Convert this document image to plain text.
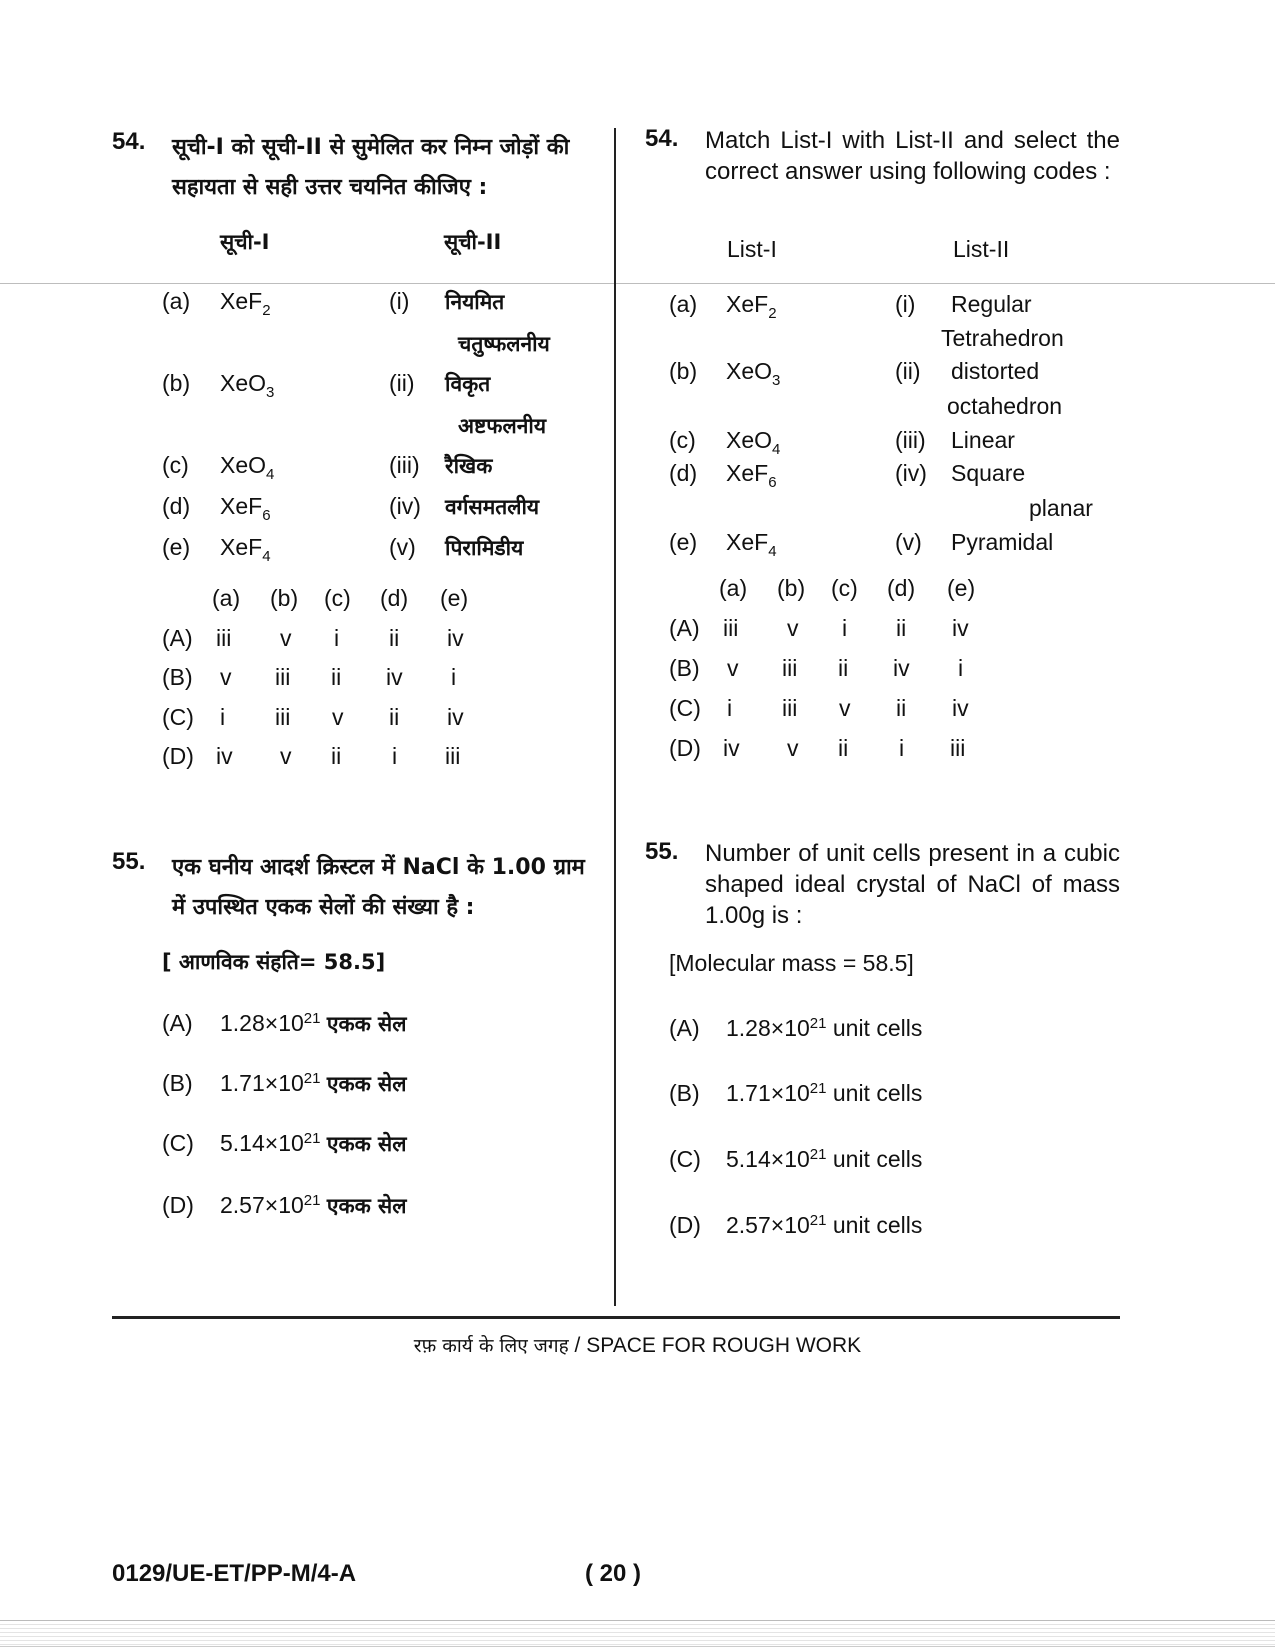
54. सूची-I को सूची-II से सुमेलित कर निम्न जोड़ों की सहायता से सही उत्तर चयनित कीजिए :
सूची-I	सूची-II
(a) XeF$_2$	(i) नियमित
चतुष्फलनीय
(b) XeO$_3$	(ii) विकृत
अष्टफलनीय
(c) XeO$_4$	(iii) रैखिक
(d) XeF$_6$	(iv) वर्गसमतलीय
(e) XeF$_4$	(v) पिरामिडीय
(a) (b) (c) (d) (e)
(A) iii v i ii iv
(B) v iii ii iv i
(C) i iii v ii iv
(D) iv v ii i iii
55. एक घनीय आदर्श क्रिस्टल में NaCl के 1.00 ग्राम में उपस्थित एकक सेलों की संख्या है :
[ आणविक संहति= 58.5]
(A) $1.28\times 10^{21}$ एकक सेल
(B) $1.71\times 10^{21}$ एकक सेल
(C) $5.14\times 10^{21}$ एकक सेल
(D) $2.57\times 10^{21}$ एकक सेल
54. Match List-I with List-II and select the correct answer using following codes :
List-I	List-II
(a) XeF$_2$	(i) Regular
Tetrahedron
(b) XeO$_3$	(ii) distorted
octahedron
(c) XeO$_4$	(iii) Linear
(d) XeF$_6$	(iv) Square
planar
(e) XeF$_4$	(v) Pyramidal
(a) (b) (c) (d) (e)
(A) iii v i ii iv
(B) v iii ii iv i
(C) i iii v ii iv
(D) iv v ii i iii
55. Number of unit cells present in a cubic shaped ideal crystal of NaCl of mass 1.00g is :
[Molecular mass = 58.5]
(A) $1.28\times 10^{21}$ unit cells
(B) $1.71\times 10^{21}$ unit cells
(C) $5.14\times 10^{21}$ unit cells
(D) $2.57\times 10^{21}$ unit cells
रफ़ कार्य के लिए जगह / SPACE FOR ROUGH WORK
0129/UE-ET/PP-M/4-A	( 20 )
